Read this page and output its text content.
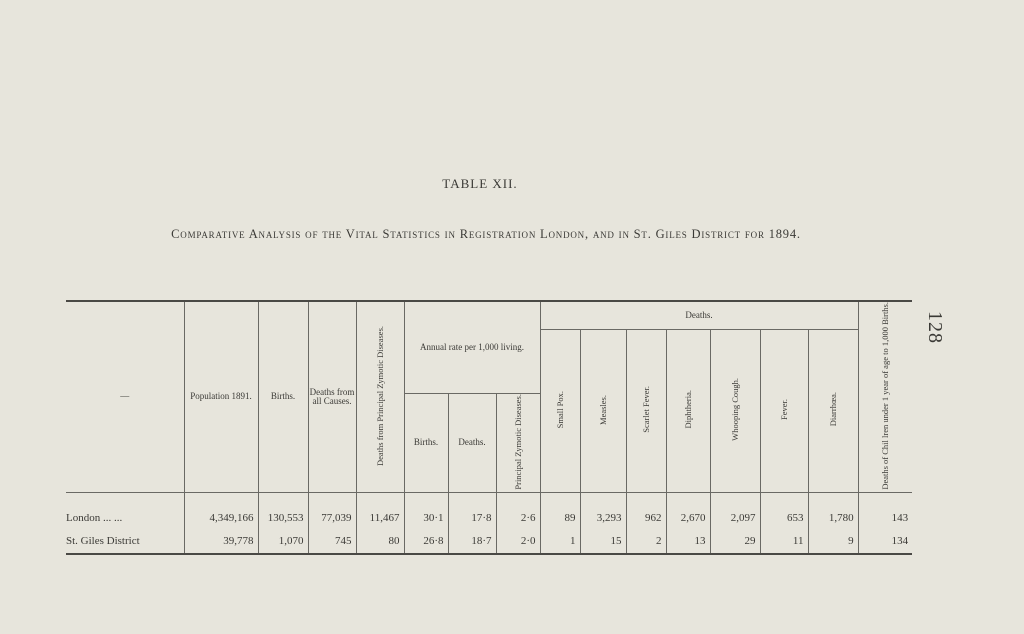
128
TABLE XII.
Comparative Analysis of the Vital Statistics in Registration London, and in St. Giles District for 1894.
—	Population 1891.	Births.	Deaths from all Causes.	Deaths from Principal Zymotic Diseases.	Annual rate per 1,000 living.			Deaths.							Deaths of Chil lren under 1 year of age to 1,000 Births.
								Small Pox.	Measles.	Scarlet Fever.	Diphtheria.	Whooping Cough.	Fever.	Diarrhœa.	
					Births.	Deaths.	Principal Zymotic Diseases.								
London ... ...	4,349,166	130,553	77,039	11,467	30·1	17·8	2·6	89	3,293	962	2,670	2,097	653	1,780	143
St. Giles District	39,778	1,070	745	80	26·8	18·7	2·0	1	15	2	13	29	11	9	134
